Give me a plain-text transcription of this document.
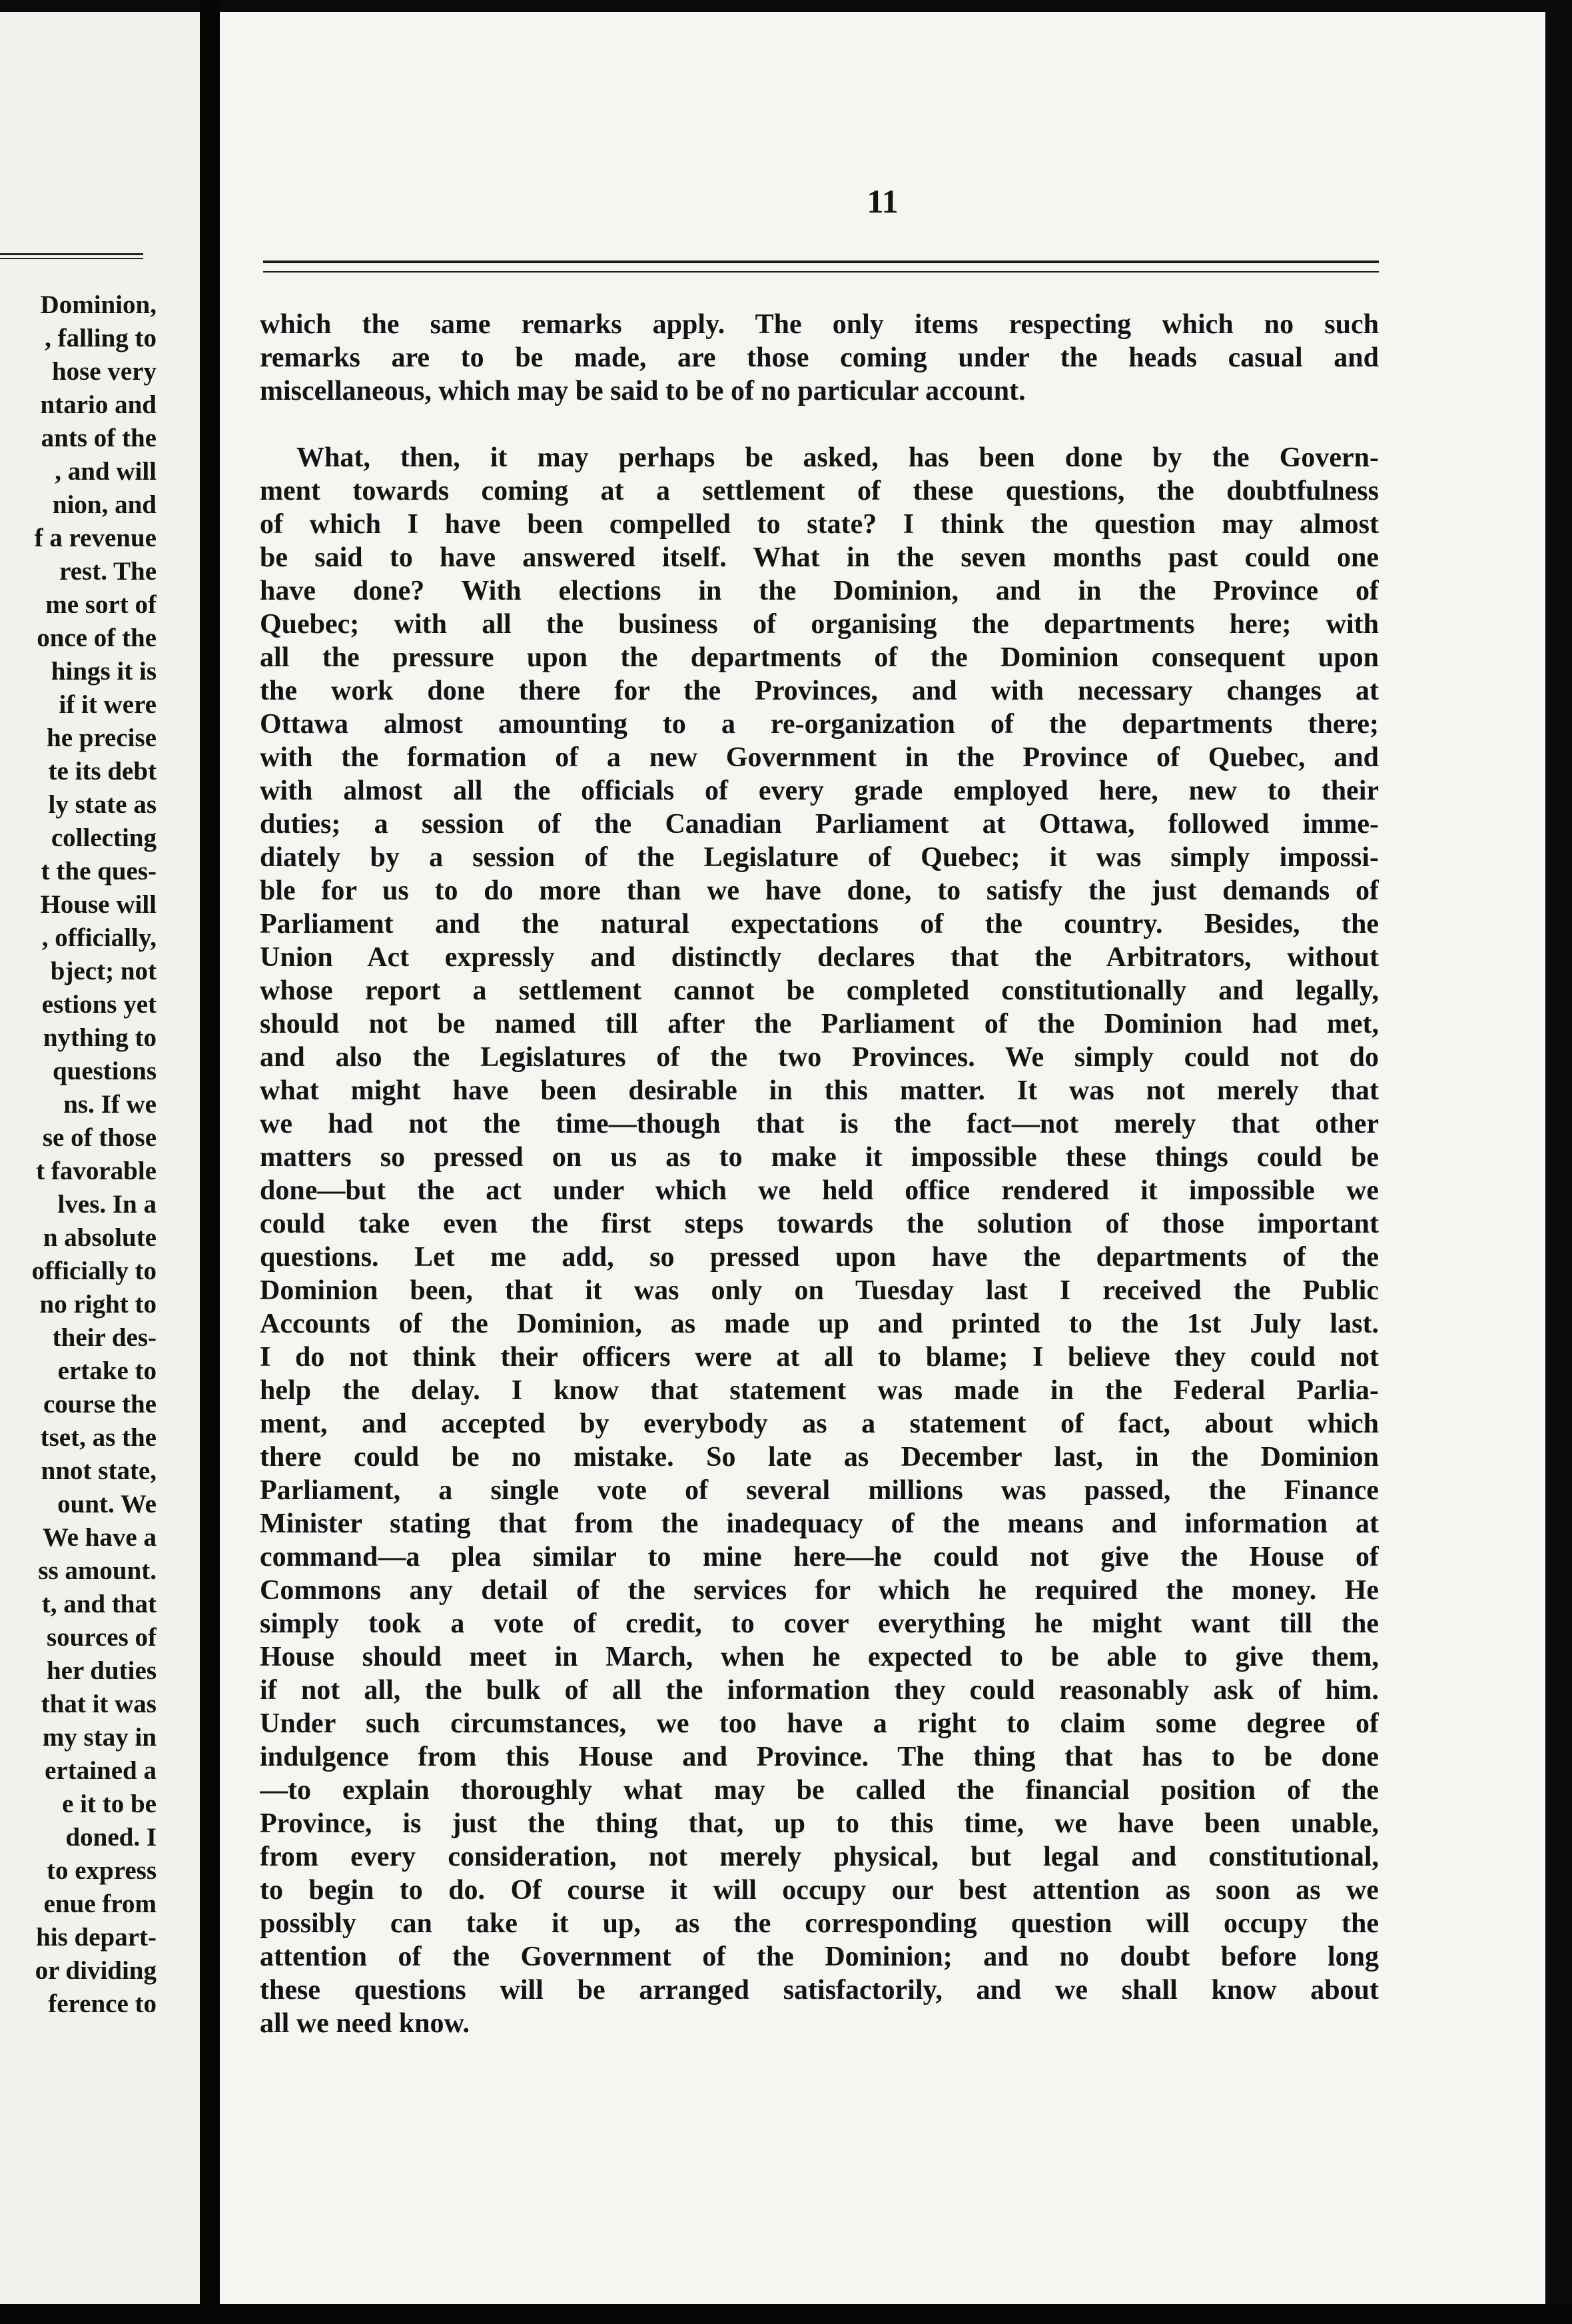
Dominion,
, falling to
hose very
ntario and
ants of the
, and will
nion, and
f a revenue
rest. The
me sort of
once of the
hings it is
if it were
he precise
te its debt
ly state as
collecting
t the ques-
House will
, officially,
bject; not
estions yet
nything to
questions
ns. If we
se of those
t favorable
lves. In a
n absolute
officially to
no right to
their des-
ertake to
course the
tset, as the
nnot state,
ount. We
We have a
ss amount.
t, and that
sources of
her duties
that it was
my stay in
ertained a
e it to be
doned. I
to express
enue from
his depart-
or dividing
ference to
11
which the same remarks apply. The only items respecting which no such
remarks are to be made, are those coming under the heads casual and
miscellaneous, which may be said to be of no particular account.
What, then, it may perhaps be asked, has been done by the Govern-
ment towards coming at a settlement of these questions, the doubtfulness
of which I have been compelled to state? I think the question may almost
be said to have answered itself. What in the seven months past could one
have done? With elections in the Dominion, and in the Province of
Quebec; with all the business of organising the departments here; with
all the pressure upon the departments of the Dominion consequent upon
the work done there for the Provinces, and with necessary changes at
Ottawa almost amounting to a re-organization of the departments there;
with the formation of a new Government in the Province of Quebec, and
with almost all the officials of every grade employed here, new to their
duties; a session of the Canadian Parliament at Ottawa, followed imme-
diately by a session of the Legislature of Quebec; it was simply impossi-
ble for us to do more than we have done, to satisfy the just demands of
Parliament and the natural expectations of the country. Besides, the
Union Act expressly and distinctly declares that the Arbitrators, without
whose report a settlement cannot be completed constitutionally and legally,
should not be named till after the Parliament of the Dominion had met,
and also the Legislatures of the two Provinces. We simply could not do
what might have been desirable in this matter. It was not merely that
we had not the time—though that is the fact—not merely that other
matters so pressed on us as to make it impossible these things could be
done—but the act under which we held office rendered it impossible we
could take even the first steps towards the solution of those important
questions. Let me add, so pressed upon have the departments of the
Dominion been, that it was only on Tuesday last I received the Public
Accounts of the Dominion, as made up and printed to the 1st July last.
I do not think their officers were at all to blame; I believe they could not
help the delay. I know that statement was made in the Federal Parlia-
ment, and accepted by everybody as a statement of fact, about which
there could be no mistake. So late as December last, in the Dominion
Parliament, a single vote of several millions was passed, the Finance
Minister stating that from the inadequacy of the means and information at
command—a plea similar to mine here—he could not give the House of
Commons any detail of the services for which he required the money. He
simply took a vote of credit, to cover everything he might want till the
House should meet in March, when he expected to be able to give them,
if not all, the bulk of all the information they could reasonably ask of him.
Under such circumstances, we too have a right to claim some degree of
indulgence from this House and Province. The thing that has to be done
—to explain thoroughly what may be called the financial position of the
Province, is just the thing that, up to this time, we have been unable,
from every consideration, not merely physical, but legal and constitutional,
to begin to do. Of course it will occupy our best attention as soon as we
possibly can take it up, as the corresponding question will occupy the
attention of the Government of the Dominion; and no doubt before long
these questions will be arranged satisfactorily, and we shall know about
all we need know.
